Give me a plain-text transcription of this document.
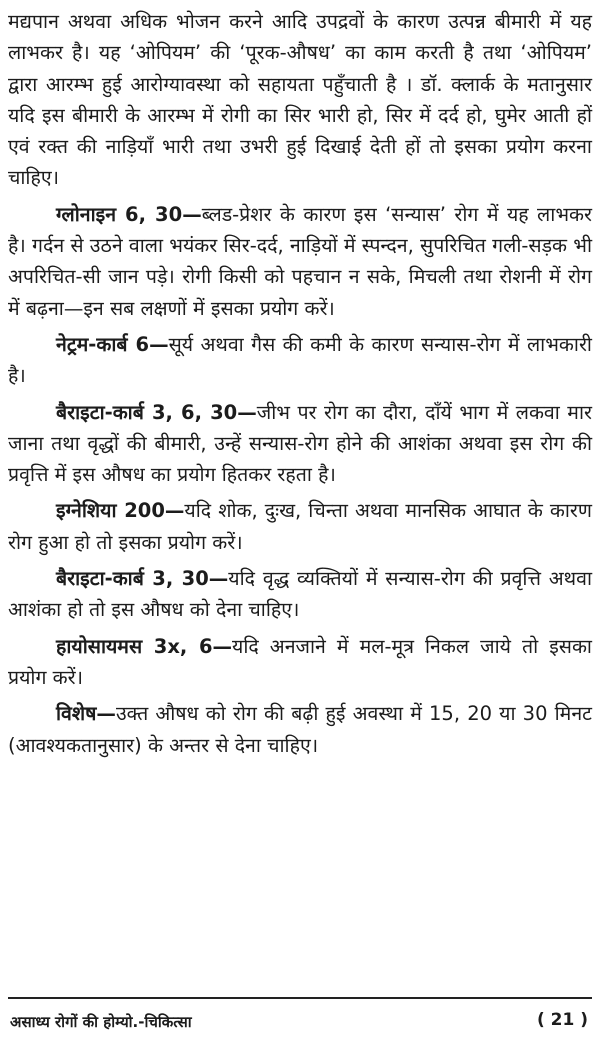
मद्यपान अथवा अधिक भोजन करने आदि उपद्रवों के कारण उत्पन्न बीमारी में यह लाभकर है। यह ‘ओपियम’ की ‘पूरक-औषध’ का काम करती है तथा ‘ओपियम’ द्वारा आरम्भ हुई आरोग्यावस्था को सहायता पहुँचाती है । डॉ. क्लार्क के मतानुसार यदि इस बीमारी के आरम्भ में रोगी का सिर भारी हो, सिर में दर्द हो, घुमेर आती हों एवं रक्त की नाड़ियाँ भारी तथा उभरी हुई दिखाई देती हों तो इसका प्रयोग करना चाहिए।

ग्लोनाइन 6, 30—ब्लड-प्रेशर के कारण इस ‘सन्यास’ रोग में यह लाभकर है। गर्दन से उठने वाला भयंकर सिर-दर्द, नाड़ियों में स्पन्दन, सुपरिचित गली-सड़क भी अपरिचित-सी जान पड़े। रोगी किसी को पहचान न सके, मिचली तथा रोशनी में रोग में बढ़ना—इन सब लक्षणों में इसका प्रयोग करें।

नेट्रम-कार्ब 6—सूर्य अथवा गैस की कमी के कारण सन्यास-रोग में लाभकारी है।

बैराइटा-कार्ब 3, 6, 30—जीभ पर रोग का दौरा, दाँयें भाग में लकवा मार जाना तथा वृद्धों की बीमारी, उन्हें सन्यास-रोग होने की आशंका अथवा इस रोग की प्रवृत्ति में इस औषध का प्रयोग हितकर रहता है।

इग्नेशिया 200—यदि शोक, दुःख, चिन्ता अथवा मानसिक आघात के कारण रोग हुआ हो तो इसका प्रयोग करें।

बैराइटा-कार्ब 3, 30—यदि वृद्ध व्यक्तियों में सन्यास-रोग की प्रवृत्ति अथवा आशंका हो तो इस औषध को देना चाहिए।

हायोसायमस 3x, 6—यदि अनजाने में मल-मूत्र निकल जाये तो इसका प्रयोग करें।

विशेष—उक्त औषध को रोग की बढ़ी हुई अवस्था में 15, 20 या 30 मिनट (आवश्यकतानुसार) के अन्तर से देना चाहिए।

असाध्य रोगों की होम्यो.-चिकित्सा	( 21 )
